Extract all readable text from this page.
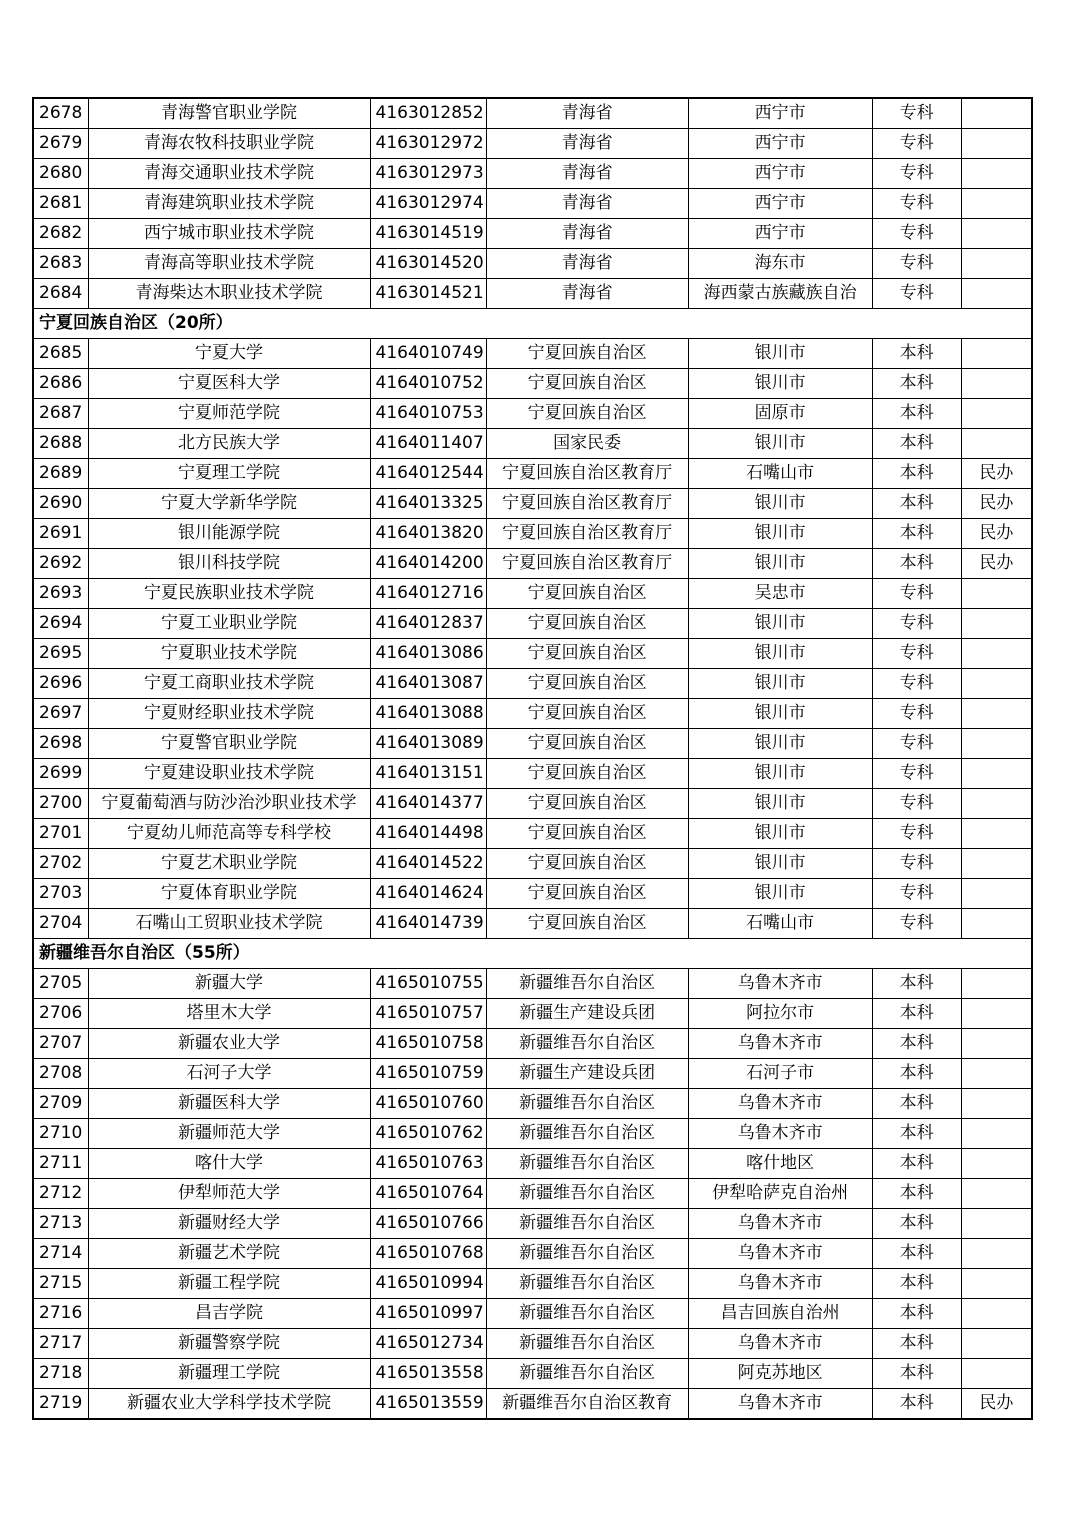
2678	青海警官职业学院	4163012852	青海省	西宁市	专科	
2679	青海农牧科技职业学院	4163012972	青海省	西宁市	专科	
2680	青海交通职业技术学院	4163012973	青海省	西宁市	专科	
2681	青海建筑职业技术学院	4163012974	青海省	西宁市	专科	
2682	西宁城市职业技术学院	4163014519	青海省	西宁市	专科	
2683	青海高等职业技术学院	4163014520	青海省	海东市	专科	
2684	青海柴达木职业技术学院	4163014521	青海省	海西蒙古族藏族自治	专科	
宁夏回族自治区（20所）						
2685	宁夏大学	4164010749	宁夏回族自治区	银川市	本科	
2686	宁夏医科大学	4164010752	宁夏回族自治区	银川市	本科	
2687	宁夏师范学院	4164010753	宁夏回族自治区	固原市	本科	
2688	北方民族大学	4164011407	国家民委	银川市	本科	
2689	宁夏理工学院	4164012544	宁夏回族自治区教育厅	石嘴山市	本科	民办
2690	宁夏大学新华学院	4164013325	宁夏回族自治区教育厅	银川市	本科	民办
2691	银川能源学院	4164013820	宁夏回族自治区教育厅	银川市	本科	民办
2692	银川科技学院	4164014200	宁夏回族自治区教育厅	银川市	本科	民办
2693	宁夏民族职业技术学院	4164012716	宁夏回族自治区	吴忠市	专科	
2694	宁夏工业职业学院	4164012837	宁夏回族自治区	银川市	专科	
2695	宁夏职业技术学院	4164013086	宁夏回族自治区	银川市	专科	
2696	宁夏工商职业技术学院	4164013087	宁夏回族自治区	银川市	专科	
2697	宁夏财经职业技术学院	4164013088	宁夏回族自治区	银川市	专科	
2698	宁夏警官职业学院	4164013089	宁夏回族自治区	银川市	专科	
2699	宁夏建设职业技术学院	4164013151	宁夏回族自治区	银川市	专科	
2700	宁夏葡萄酒与防沙治沙职业技术学	4164014377	宁夏回族自治区	银川市	专科	
2701	宁夏幼儿师范高等专科学校	4164014498	宁夏回族自治区	银川市	专科	
2702	宁夏艺术职业学院	4164014522	宁夏回族自治区	银川市	专科	
2703	宁夏体育职业学院	4164014624	宁夏回族自治区	银川市	专科	
2704	石嘴山工贸职业技术学院	4164014739	宁夏回族自治区	石嘴山市	专科	
新疆维吾尔自治区（55所）						
2705	新疆大学	4165010755	新疆维吾尔自治区	乌鲁木齐市	本科	
2706	塔里木大学	4165010757	新疆生产建设兵团	阿拉尔市	本科	
2707	新疆农业大学	4165010758	新疆维吾尔自治区	乌鲁木齐市	本科	
2708	石河子大学	4165010759	新疆生产建设兵团	石河子市	本科	
2709	新疆医科大学	4165010760	新疆维吾尔自治区	乌鲁木齐市	本科	
2710	新疆师范大学	4165010762	新疆维吾尔自治区	乌鲁木齐市	本科	
2711	喀什大学	4165010763	新疆维吾尔自治区	喀什地区	本科	
2712	伊犁师范大学	4165010764	新疆维吾尔自治区	伊犁哈萨克自治州	本科	
2713	新疆财经大学	4165010766	新疆维吾尔自治区	乌鲁木齐市	本科	
2714	新疆艺术学院	4165010768	新疆维吾尔自治区	乌鲁木齐市	本科	
2715	新疆工程学院	4165010994	新疆维吾尔自治区	乌鲁木齐市	本科	
2716	昌吉学院	4165010997	新疆维吾尔自治区	昌吉回族自治州	本科	
2717	新疆警察学院	4165012734	新疆维吾尔自治区	乌鲁木齐市	本科	
2718	新疆理工学院	4165013558	新疆维吾尔自治区	阿克苏地区	本科	
2719	新疆农业大学科学技术学院	4165013559	新疆维吾尔自治区教育	乌鲁木齐市	本科	民办
